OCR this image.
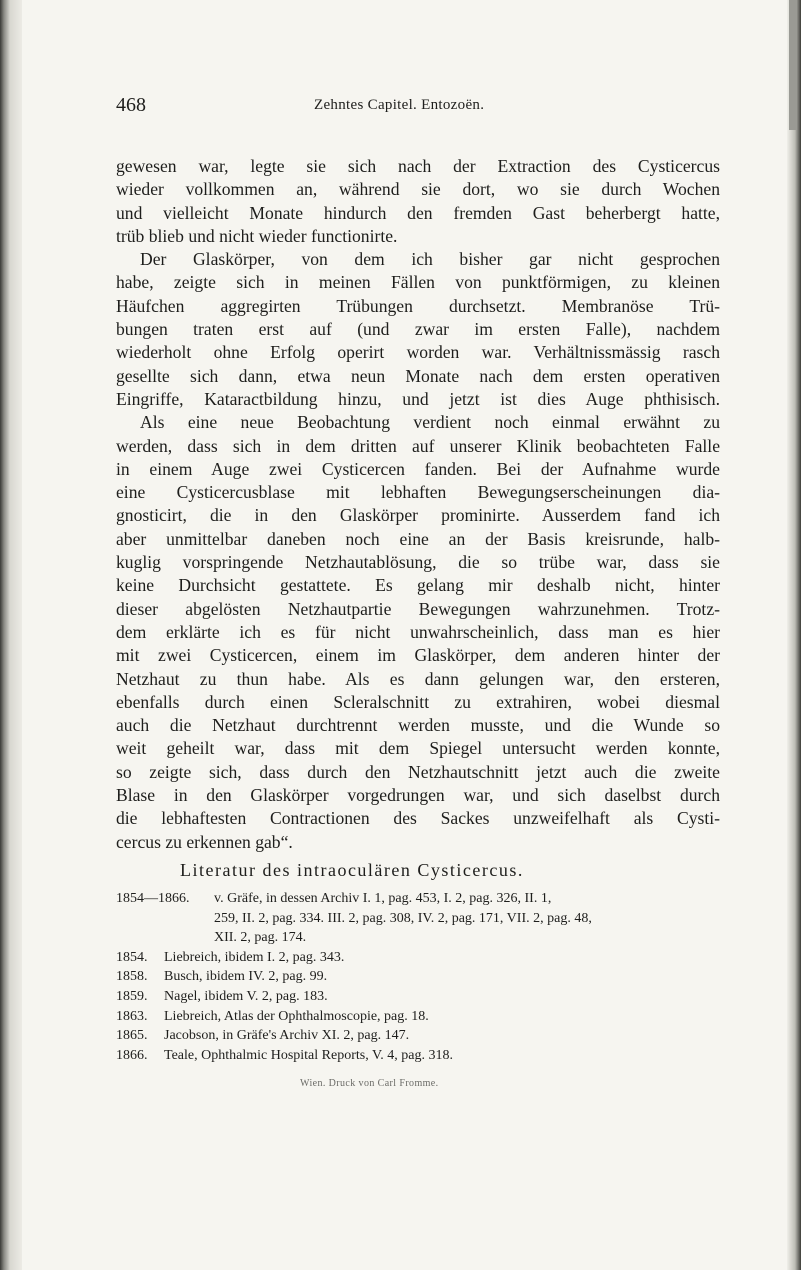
468	Zehntes Capitel. Entozoën.
gewesen war, legte sie sich nach der Extraction des Cysticercus
wieder vollkommen an, während sie dort, wo sie durch Wochen
und vielleicht Monate hindurch den fremden Gast beherbergt hatte,
trüb blieb und nicht wieder functionirte.
Der Glaskörper, von dem ich bisher gar nicht gesprochen
habe, zeigte sich in meinen Fällen von punktförmigen, zu kleinen
Häufchen aggregirten Trübungen durchsetzt. Membranöse Trü-
bungen traten erst auf (und zwar im ersten Falle), nachdem
wiederholt ohne Erfolg operirt worden war. Verhältnissmässig rasch
gesellte sich dann, etwa neun Monate nach dem ersten operativen
Eingriffe, Kataractbildung hinzu, und jetzt ist dies Auge phthisisch.
Als eine neue Beobachtung verdient noch einmal erwähnt zu
werden, dass sich in dem dritten auf unserer Klinik beobachteten Falle
in einem Auge zwei Cysticercen fanden. Bei der Aufnahme wurde
eine Cysticercusblase mit lebhaften Bewegungserscheinungen dia-
gnosticirt, die in den Glaskörper prominirte. Ausserdem fand ich
aber unmittelbar daneben noch eine an der Basis kreisrunde, halb-
kuglig vorspringende Netzhautablösung, die so trübe war, dass sie
keine Durchsicht gestattete. Es gelang mir deshalb nicht, hinter
dieser abgelösten Netzhautpartie Bewegungen wahrzunehmen. Trotz-
dem erklärte ich es für nicht unwahrscheinlich, dass man es hier
mit zwei Cysticercen, einem im Glaskörper, dem anderen hinter der
Netzhaut zu thun habe. Als es dann gelungen war, den ersteren,
ebenfalls durch einen Scleralschnitt zu extrahiren, wobei diesmal
auch die Netzhaut durchtrennt werden musste, und die Wunde so
weit geheilt war, dass mit dem Spiegel untersucht werden konnte,
so zeigte sich, dass durch den Netzhautschnitt jetzt auch die zweite
Blase in den Glaskörper vorgedrungen war, und sich daselbst durch
die lebhaftesten Contractionen des Sackes unzweifelhaft als Cysti-
cercus zu erkennen gab“.
Literatur des intraoculären Cysticercus.
1854—1866.	v. Gräfe, in dessen Archiv I. 1, pag. 453, I. 2, pag. 326, II. 1,
259, II. 2, pag. 334. III. 2, pag. 308, IV. 2, pag. 171, VII. 2, pag. 48,
XII. 2, pag. 174.
1854.	Liebreich, ibidem I. 2, pag. 343.
1858.	Busch, ibidem IV. 2, pag. 99.
1859.	Nagel, ibidem V. 2, pag. 183.
1863.	Liebreich, Atlas der Ophthalmoscopie, pag. 18.
1865.	Jacobson, in Gräfe's Archiv XI. 2, pag. 147.
1866.	Teale, Ophthalmic Hospital Reports, V. 4, pag. 318.
Wien. Druck von Carl Fromme.
